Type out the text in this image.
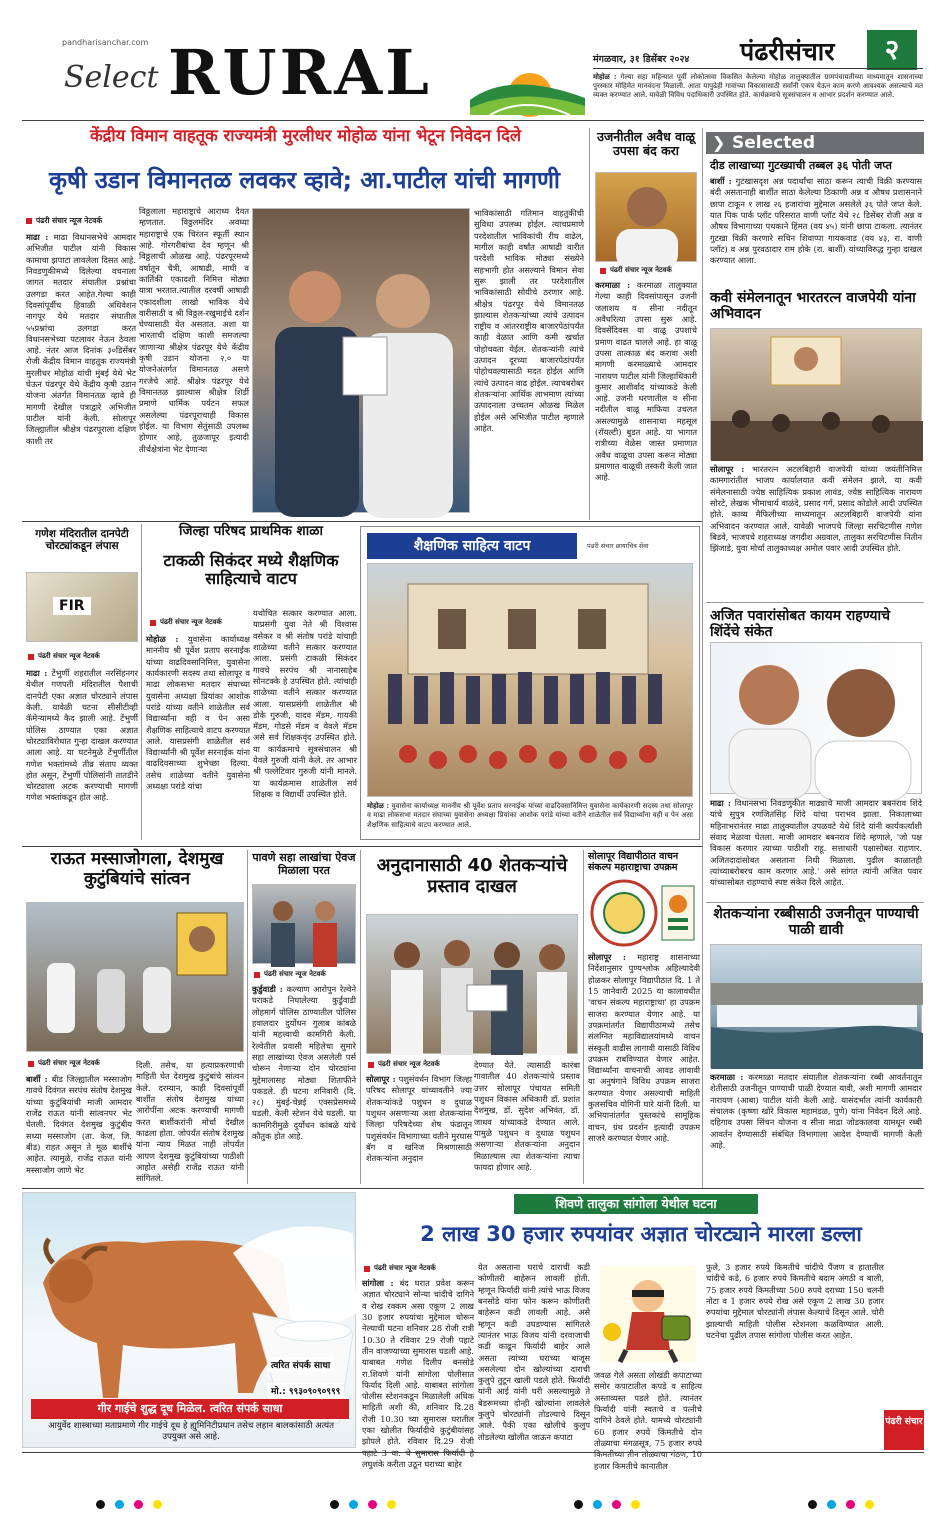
pandharisanchar.com
Select RURAL	मंगळवार, ३१ डिसेंबर २०२४ पंढरीसंचार	२
मोहोळ : गेल्या सहा महिन्यात पूर्वी लोकोत्सवा विकसित केलेल्या मोहोळ तालुक्यातील ग्रामपंचायतीच्या माध्यमातून शासनाच्या पुरस्कार मोहिमेत मानवंदना मिळाली. आता यापुढेही गावांच्या विकासासाठी सर्वांनी एकत्र येऊन काम करणे आवश्यक असल्याचे मत व्यक्त करण्यात आले. यावेळी विविध पदाधिकारी उपस्थित होते. कार्यक्रमाचे सूत्रसंचालन व आभार प्रदर्शन करण्यात आले.
केंद्रीय विमान वाहतूक राज्यमंत्री मुरलीधर मोहोळ यांना भेटून निवेदन दिले
कृषी उडान विमानतळ लवकर व्हावे; आ.पाटील यांची मागणी
पंढरी संचार न्यूज नेटवर्क
माढा : माढा विधानसभेचे आमदार अभिजीत पाटील यांनी विकास कामाचा झपाटा लावलेला दिसत आहे. निवडणुकीमध्ये दिलेल्या वचनाला जागत मतदार संघातील प्रश्नांचा उलगडा करत आहेत.गेल्या काही दिवसांपूर्वीच हिवाळी अधिवेशन नागपूर येथे मतदार संघातील ५५प्रश्नांचा उलगडा करत विधानसभेच्या पटलावर नेऊन ठेवला आहे. नंतर आज दिनांक ३०डिसेंबर रोजी केंद्रीय विमान वाहतूक राज्यमंत्री मुरलीधर मोहोळ यांची मुंबई येथे भेट घेऊन पंढरपूर येथे केंद्रीय कृषी उडान योजना अंतर्गत विमानतळ व्हावे ही मागणी देखील पत्राद्वारे अभिजीत पाटील यांनी केली. सोलापूर जिल्ह्यातील श्रीक्षेत्र पंढरपूराला दक्षिण काशी तर
विठ्ठलाला महाराष्ट्राचे आराध्य दैवत म्हणतात. विठ्ठलमंदिर अवघ्या महाराष्ट्राचे एक चिरंतन स्फूर्ती स्थान आहे. गोरगरीबांचा देव म्हणून श्री विठ्ठलाची ओळख आहे. पंढरपूरमध्ये वर्षातून चैत्री, आषाढी, माघी व कार्तिकी एकादशी निमित्त मोठ्या यात्रा भरतात.त्यातील दरवर्षी आषाढी एकादशीला लाखो भाविक येथे वारीसाठी व श्री विठ्ठल-रखुमाईचे दर्शन घेण्यासाठी येत असतात. अशा या भारताची दक्षिण काशी समजल्या जाणाऱ्या श्रीक्षेत्र पंढरपूर येथे केंद्रीय कृषी उडान योजना २.० या योजनेअंतर्गत विमानतळ असणे गरजेचे आहे. श्रीक्षेत्र पंढरपूर येथे विमानतळ झाल्यास श्रीक्षेत्र शिर्डी प्रमाणे धार्मिक पर्यटन सफल असलेल्या पंढरपूराचाही विकास होईल. या विभाग सेतुंसाठी उपलब्ध होणार आहे, तुळजापूर इत्यादी तीर्थक्षेत्रांना भेट देणाऱ्या
भाविकांसाठी गतिमान वाहतुकीची सुविधा उपलब्ध होईल. त्याचप्रमाणे परदेशातील भाविकांची रीघ वाढेल, मागील काही वर्षांत आषाढी वारीत परदेशी भाविक मोठ्या संख्येने सहभागी होत असल्याने विमान सेवा सुरू झाली तर परदेशातील भाविकांसाठी सोयीचे ठरणार आहे. श्रीक्षेत्र पंढरपूर येथे विमानतळ झाल्यास शेतकऱ्यांच्या त्यांचे उत्पादन राष्ट्रीय व आंतरराष्ट्रीय बाजारपेठांपर्यंत काही वेळात आणि कमी खर्चात पोहोचवता येईल. शेतकऱ्यांनी त्यांचे उत्पादन दूरच्या बाजारपेठांपर्यंत पोहोचवल्यासाठी मदत होईल आणि त्यांचे उत्पादन वाढ होईल. त्याचबरोबर शेतकऱ्यांना आर्थिक लाभमाण त्यांच्या उत्पादनाला उच्चतम ओळख मिळेल होईल असे अभिजीत पाटील म्हणाले आहेत.
उजनीतील अवैध वाळू उपसा बंद करा
पंढरी संचार न्यूज नेटवर्क
करमाळा : करमाळा तालुक्यात गेल्या काही दिवसांपासून उजनी जलाशय व सीना नदीतून अवैधरित्या उपसा सुरू आहे. दिवसेंदिवस या वाळू उपशाचे प्रमाण वाढत चालले आहे. हा वाळू उपसा तात्काळ बंद करावा अशी मागणी करमाळ्याचे आमदार नारायण पाटील यांनी जिल्हाधिकारी कुमार आशीर्वाद यांच्याकडे केली आहे. उजनी धरणातील व सीना नदीतील वाळू माफिया उचलत असल्यामुळे शासनाचा महसूल (रॉयल्टी) बुडत आहे. या भागात रात्रीच्या वेळेस जास्त प्रमाणात अवैध वाळूचा उपसा करून मोठ्या प्रमाणात वाळूची तस्करी केली जात आहे.
❯ Selected
दीड लाखाच्या गुटख्याची तब्बल ३६ पोती जप्त
बार्शी : गुटखासदृश अन्न पदार्थांचा साठा करून त्याची विक्री करण्यास बंदी असतानाही बार्शीत साठा केलेल्या ठिकाणी अन्न व औषध प्रशासनाने छापा टाकून १ लाख २६ हजारांचा मुद्देमाल असलेले ३६ पोते जप्त केले. यात पिक पार्क प्लॉट परिसरात वाणी प्लॉट येथे २८ डिसेंबर रोजी अन्न व औषध विभागाच्या पथकाने हिंमत (वय ४५) यांनी छापा टाकला. त्यानंतर गुटखा विक्री करणारे सचिन शिवाप्पा गायकवाड (वय ४३, रा. वाणी प्लॉट) व अन्न पुरवठादार राम होके (रा. बार्शी) यांच्याविरुद्ध गुन्हा दाखल करण्यात आला.
कवी संमेलनातून भारतरत्न वाजपेयी यांना अभिवादन
सोलापूर : भारतरत्न अटलबिहारी वाजपेयी यांच्या जयंतीनिमित्त कामगारांतील भाजप कार्यालयात कवी संमेलन झाले. या कवी संमेलनासाठी ज्येष्ठ साहित्यिक प्रकाश लावंड, ज्येष्ठ साहित्यिक नारायण सोरटे, लेखक भीमाचार्य वाळंदे, प्रसाद गर्ग, प्रसाद कोडोले आदी उपस्थित होते. काव्य मैफिलीच्या माध्यमातून अटलबिहारी वाजपेयी यांना अभिवादन करण्यात आले. यावेळी भाजपचे जिल्हा सरचिटणीस गणेश बिडवे, भाजपचे शहराध्यक्ष जगदीश अग्रवाल, तालुका सरचिटणीस नितीन झिंजाडे, युवा मोर्चा तालुकाध्यक्ष अमोल पवार आदी उपस्थित होते.
अजित पवारांसोबत कायम राहण्याचे शिंदेंचे संकेत
माढा : विधानसभा निवडणुकीत माढ्याचे माजी आमदार बबनराव शिंदे यांचे सुपुत्र रणजितसिंह शिंदे यांचा पराभव झाला. निकालाच्या महिनाभरानंतर माढा तालुक्यातील उपळवटे येथे शिंदे यांनी कार्यकर्त्यांशी संवाद मेळावा घेतला. माजी आमदार बबनराव शिंदे म्हणाले, 'जो पक्ष विकास करणार त्याच्या पाठीशी राहू. सत्ताधारी पक्षासोबत राहणार. अजितदादांसोबत असताना निधी मिळाला. पुढील काळातही त्यांच्याबरोबरच काम करणार आहे.' असे सांगत त्यांनी अजित पवार यांच्यासोबत राहण्याचे स्पष्ट संकेत दिले आहेत.
शेतकऱ्यांना रब्बीसाठी उजनीतून पाण्याची पाळी द्यावी
करमाळा : करमाळा मतदार संघातील शेतकऱ्यांना रब्बी आवर्तनातून शेतीसाठी उजनीतून पाण्याची पाळी देण्यात यावी, अशी मागणी आमदार नारायण (आबा) पाटील यांनी केली आहे. यासंदर्भात त्यांनी कार्यकारी संचालक (कृष्णा खोरे विकास महामंडळ, पुणे) यांना निवेदन दिले आहे. दहिगाव उपसा सिंचन योजना व सीना माढा जोडकालवा यामधून रब्बी आवर्तन देण्यासाठी संबंधित विभागाला आदेश देण्याची मागणी केली आहे.
गणेश मंदिरातील दानपेटी चोरट्यांकडून लंपास
FIR
पंढरी संचार न्यूज नेटवर्क
माढा : टेंभुर्णी शहरातील नरसिंहनगर येथील गणपती मंदिरातील पैशाची दानपेटी एका अज्ञात चोरट्याने लंपास केली. यावेळी घटना सीसीटीव्ही कॅमेऱ्यामध्ये कैद झाली आहे. टेंभुर्णी पोलिस ठाण्यात एका अज्ञात चोरट्याविरोधात गुन्हा दाखल करण्यात आला आहे. या घटनेमुळे टेंभुर्णीतील गणेश भक्तांमध्ये तीव्र संताप व्यक्त होत असून, टेंभुर्णी पोलिसांनी तातडीने चोरट्याला अटक करण्याची मागणी गणेश भक्तांकडून होत आहे.
जिल्हा परिषद प्राथमिक शाळा
टाकळी सिकंदर मध्ये शैक्षणिक साहित्याचे वाटप
पंढरी संचार न्यूज नेटवर्क
मोहोळ : युवासेना कार्याध्यक्ष माननीय श्री पूर्वेश प्रताप सरनाईक यांच्या वाढदिवसानिमित्त, युवासेना कार्यकारणी सदस्य तथा सोलापूर व माढा लोकसभा मतदार संघाच्या युवासेना अध्यक्षा प्रियांका आशोक परांडे यांच्या वतीने शाळेतील सर्व विद्यार्थ्यांना वही व पेन असा शैक्षणिक साहित्याचे वाटप करण्यात आले. यासप्रसंगी शाळेतील सर्व विद्यार्थ्यांनी श्री पूर्वेश सरनाईक यांना वाढदिवसाच्या शुभेच्छा दिल्या. तसेच शाळेच्या वतीने युवासेना अध्यक्षा परांडे यांचा
यथोचित सत्कार करण्यात आला. याप्रसंगी युवा नेते श्री विश्वास वसेकर व श्री संतोष परांडे यांचाही शाळेच्या वतीने सत्कार करण्यात आला. प्रसंगी टाकळी सिकंदर गावचे सरपंच श्री नानासाहेब सोनटक्के हे उपस्थित होते. त्यांचाही शाळेच्या वतीने सत्कार करण्यात आला. यासप्रसंगी शाळेतील श्री डोके गुरुजी, यादव मॅडम, गायकी मॅडम, गोडसे मॅडम व येवले मॅडम असे सर्व शिक्षकवृंद उपस्थित होते. या कार्यक्रमाचे सूत्रसंचालन श्री येवले गुरुजी यांनी केले. तर आभार श्री पल्लेटिवार गुरुजी यांनी मानले. या कार्यक्रमास शाळेतील सर्व शिक्षक व विद्यार्थी उपस्थित होते.
शैक्षणिक साहित्य वाटप	पंढरी संचार छायाचित्र सेवा
मोहोळ : युवासेना कार्याध्यक्ष माननीय श्री पूर्वेश प्रताप सरनाईक यांच्या वाढदिवसानिमित्त युवासेना कार्यकारणी सदस्य तथा सोलापूर व माढा लोकसभा मतदार संघाच्या युवासेना अध्यक्षा प्रियांका आशोक परांडे यांच्या वतीने शाळेतील सर्व विद्यार्थ्यांना वही व पेन असा शैक्षणिक साहित्याचे वाटप करण्यात आले.
राऊत मस्साजोगला, देशमुख कुटुंबियांचे सांत्वन
पंढरी संचार न्यूज नेटवर्क
बार्शी : बीड जिल्ह्यातील मस्साजोग गावचे दिवंगत सरपंच संतोष देशमुख यांच्या कुटुंबियांची माजी आमदार राजेंद्र राऊत यांनी सांत्वनपर भेट घेतली. दिवंगत देशमुख कुटुंबीय सध्या मस्साजोग (ता. केज, जि. बीड) राहत असून ते मूळ बार्शीचे आहेत. त्यामुळे, राजेंद्र राऊत यांनी मस्साजोग जाणे भेट
दिली. तसेच, या हत्याप्रकरणाची माहिती घेत देशमुख कुटुंबांचे सांत्वन केले. दरम्यान, काही दिवसांपूर्वी बार्शीत संतोष देशमुख यांच्या आरोपींना अटक करण्याची मागणी करत बार्शीकरांनी मोर्चा देखील काढला होता. जोपर्यंत संतोष देशमुख यांना न्याय मिळत नाही तोपर्यंत आपण देशमुख कुटुंबियांच्या पाठीशी आहोत असेही राजेंद्र राऊत यांनी सांगितले.
पावणे सहा लाखांचा ऐवज मिळाला परत
पंढरी संचार न्यूज नेटवर्क
कुर्डुवाडी : कल्याण आरोपुन रेल्वेने घराकडे निघालेल्या कुर्डुवाडी लोहमार्ग पोलिस ठाण्यातील पोलिस हवालदार दुर्योधन गुलाब कांबळे यांनी महत्त्वाची कामगिरी केली. रेल्वेतील प्रवासी महिलेचा सुमारे सहा लाखांच्या ऐवज असलेली पर्स चोरून नेणाऱ्या दोन चोरट्यांना मुद्देमालासह मोठ्या शिताफीने पकडले. ही घटना शनिवारी (दि. २८) मुंबई-चेन्नई एक्सप्रेसमध्ये घडली. केली स्टेशन येथे घडली. या कामगिरीमुळे दुर्योधन कांबळे यांचे कौतुक होत आहे.
अनुदानासाठी 40 शेतकऱ्यांचे प्रस्ताव दाखल
पंढरी संचार न्यूज नेटवर्क
सोलापूर : पशुसंवर्धन विभाग जिल्हा परिषद सोलापूर यांच्यावतीने ज्या शेतकऱ्यांकडे पशुधन व दुधाळ पशुधन असणाऱ्या अशा शेतकऱ्यांना जिल्हा परिषदेच्या शेष फंडातून पशुसंवर्धन विभागाच्या वतीने मुरघास बॅग व खनिज मिश्रणासाठी शेतकऱ्यांना अनुदान
देण्यात येते. त्यासाठी कारंबा गावातील 40 शेतकऱ्यांचे प्रस्ताव उत्तर सोलापूर पंचायत समिती पशुधन विकास अधिकारी डॉ. प्रशांत देशमुख, डॉ. सुदेश अभिवंत, डॉ. जाधव यांच्याकडे देण्यात आले. यामुळे पशुधन व दुधाळ पशुधन असणाऱ्या शेतकऱ्यांना अनुदान मिळाल्यास त्या शेतकऱ्यांना त्याचा फायदा होणार आहे.
सोलापूर विद्यापीठात वाचन संकल्प महाराष्ट्राचा उपक्रम
सोलापूर : महाराष्ट्र शासनाच्या निर्देशानुसार पुण्यश्लोक अहिल्यादेवी होळकर सोलापूर विद्यापीठात दि. 1 ते 15 जानेवारी 2025 या कालावधीत 'वाचन संकल्प महाराष्ट्राचा' हा उपक्रम साजरा करण्यात येणार आहे. या उपक्रमांतर्गत विद्यापीठामध्ये तसेच संलग्नित महाविद्यालयांमध्ये वाचन संस्कृती वाढीस लागावी यासाठी विविध उपक्रम राबविण्यात येणार आहेत. विद्यार्थ्यांना वाचनाची आवड लावावी या अनुषंगाने विविध उपक्रम साजरा करण्यात येणार असल्याची माहिती कुलसचिव योगिनी घारे यांनी दिली. या अभियानांतर्गत पुस्तकांचे सामूहिक वाचन, ग्रंथ प्रदर्शन इत्यादी उपक्रम साजरे करण्यात येणार आहे.
त्वरित संपर्क साधा
मो.: ९९३०९०९०९९९
गीर गाईचे शुद्ध दूध मिळेल. त्वरित संपर्क साधा
आयुर्वेद शास्त्राच्या मताप्रमाणे गीर गाईचे दूध हे ह्युमिनिटीप्रधान तसेच लहान बालकांसाठी अत्यंत उपयुक्त असे आहे.
शिवणे तालुका सांगोला येथील घटना
2 लाख 30 हजार रुपयांवर अज्ञात चोरट्याने मारला डल्ला
पंढरी संचार न्यूज नेटवर्क
सांगोला : बंद घरात प्रवेश करून अज्ञात चोरट्याने सोन्या चांदीचे दागिने व रोख रक्कम असा एकूण 2 लाख 30 हजार रुपयांचा मुद्देमाल चोरून नेल्याची घटना शनिवार 28 रोजी रात्री 10.30 ते रविवार 29 रोजी पहाटे तीन वाजण्याच्या सुमारास घडली आहे. याबाबत गणेश दिलीप बनसोडे रा.शिवणे यांनी सांगोला पोलीसात फिर्याद दिली आहे. याबाबत सांगोला पोलीस स्टेशनकडून मिळालेली अधिक माहिती अशी की, शनिवार दि.28 रोजी 10.30 च्या सुमारास घरातील एका खोलीत फिर्यादीचे कुटुंबीयांसह झोपले होते. रविवार दि.29 रोजी पहाटे 3 वा. चे सुमारास फिर्यादी हे लघुशंके करीता उठून घराच्या बाहेर
येत असताना घराचे दाराची कडी कोणीतरी बाहेरून लावली होती. म्हणून फिर्यादी यांनी त्यांचे भाऊ विजय बनसोडे यांना फोन करून कोणीतरी बाहेरून कडी लावली आहे. असे म्हणून कडी उघडण्यास सांगितले त्यानंतर भाऊ विजय यांनी दरवाजाची कडी काढून फिर्यादी बाहेर आले असता त्यांच्या घराच्या बाजूस असलेल्या दोन खोल्यांच्या दाराची कुलुपे तुटून खाली पडले होते. फिर्यादी यांनी आई यांनी घरी असल्यामुळे ते बेडरूमच्या दोन्ही खोल्यांना लावलेले कुलुपे चोरट्यांनी तोडल्याचे दिसून आले. पैकी एका खोलीचे कुलुप तोडलेल्या खोलीत जाऊन कपाटा
जवळ गेले असता लोखंडी कपाटाच्या समोर कपाटातील कपडे व साहित्य अस्ताव्यस्त पडले होते. त्यानंतर फिर्यादी यांनी स्वतःचे व पत्नीचे दागिने ठेवले होते. यामध्ये चोरट्यांनी 60 हजार रुपये किंमतीचे दोन तोळ्याचा मंगळसूत्र, 75 हजार रुपये किमतीच्या तीन तोळ्याचा गंठण, 10 हजार किमतीचे कानातील
फुले, 3 हजार रुपये किमतीचे चांदीचे पैंजण व हातातील चांदीचे कडे, 6 हजार रुपये किमतीचे बदाम अंगठी व बाली, 75 हजार रुपये किमतीच्या 500 रुपये दराच्या 150 चलनी नोटा व 1 हजार रुपये रोख असे एकूण 2 लाख 30 हजार रुपयांचा मुद्देमाल चोरट्यांनी लंपास केल्याचे दिसून आले. चोरी झाल्याची माहिती पोलीस स्टेशनला कळविण्यात आली. घटनेचा पुढील तपास सांगोला पोलीस करत आहेत.
पंढरी संचार
